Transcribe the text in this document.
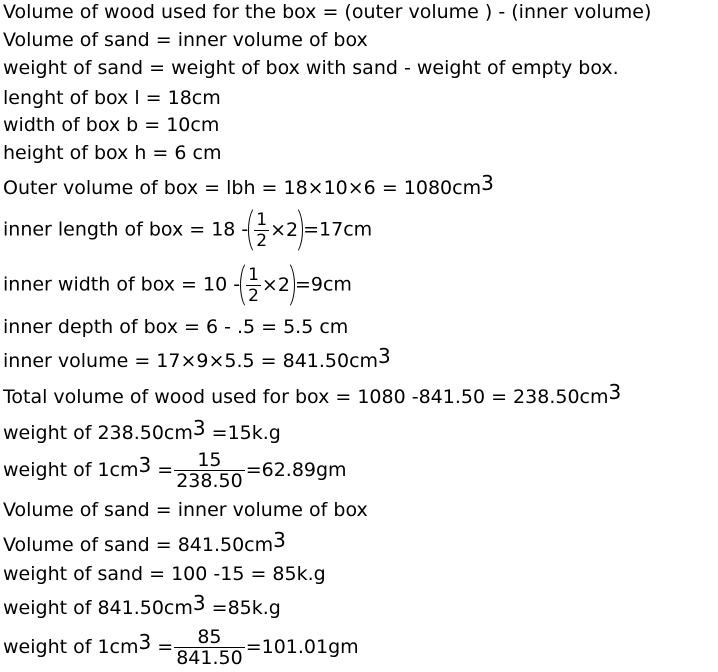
Volume of wood used for the box = (outer volume ) - (inner volume)
Volume of sand = inner volume of box
weight of sand = weight of box with sand - weight of empty box.
lenght of box l = 18cm
width of box b = 10cm
height of box h = 6 cm
Outer volume of box = lbh = $18\times 10\times 6 = 1080cm^3$
inner length of box = $18 - \frac{1}{2} \times 2 =17cm$
inner width of box = $10 - \frac{1}{2} \times 2 =9cm$
inner depth of box = 6 - .5 = 5.5 cm
inner volume = $17\times 9\times 5.5 = 841.50cm^3$
Total volume of wood used for box = 1080 $-841.50 = 238.50cm^3$
weight of $238.50cm^3 =15k.g$
weight of $1cm^3 = \frac{15}{238.50} =62.89gm$
Volume of sand = inner volume of box
Volume of sand = $841.50cm^3$
weight of sand = 100 -15 = 85k.g
weight of $841.50cm^3 =85k.g$
weight of $1cm^3 = \frac{85}{841.50} =101.01gm$
